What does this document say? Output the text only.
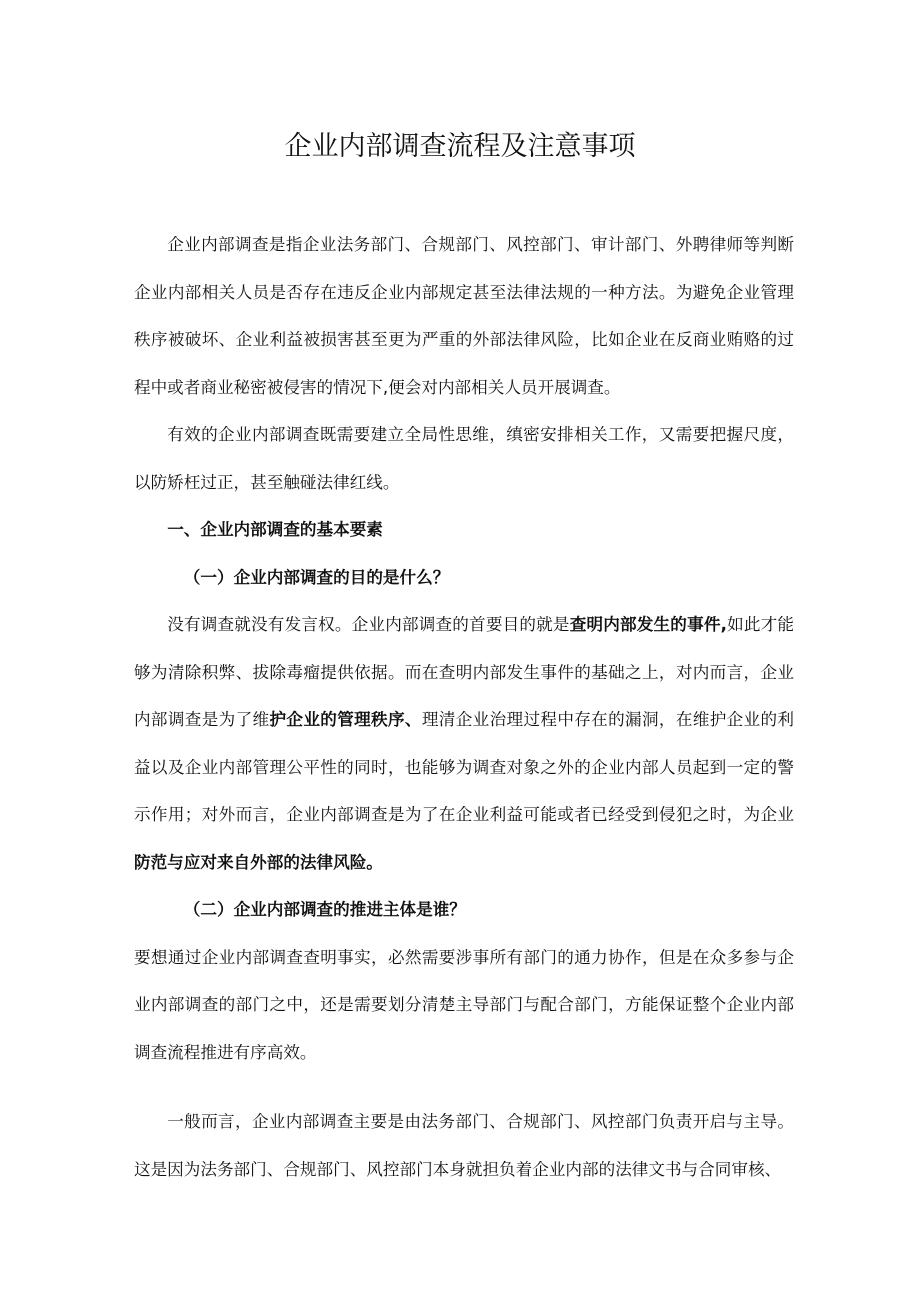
企业内部调查流程及注意事项

企业内部调查是指企业法务部门、合规部门、风控部门、审计部门、外聘律师等判断企业内部相关人员是否存在违反企业内部规定甚至法律法规的一种方法。为避免企业管理秩序被破坏、企业利益被损害甚至更为严重的外部法律风险，比如企业在反商业贿赂的过程中或者商业秘密被侵害的情况下,便会对内部相关人员开展调查。

有效的企业内部调查既需要建立全局性思维，缜密安排相关工作，又需要把握尺度，以防矫枉过正，甚至触碰法律红线。

一、企业内部调查的基本要素

（一）企业内部调查的目的是什么？

没有调查就没有发言权。企业内部调查的首要目的就是查明内部发生的事件,如此才能够为清除积弊、拔除毒瘤提供依据。而在查明内部发生事件的基础之上，对内而言，企业内部调查是为了维护企业的管理秩序、理清企业治理过程中存在的漏洞，在维护企业的利益以及企业内部管理公平性的同时，也能够为调查对象之外的企业内部人员起到一定的警示作用；对外而言，企业内部调查是为了在企业利益可能或者已经受到侵犯之时，为企业防范与应对来自外部的法律风险。

（二）企业内部调查的推进主体是谁？

要想通过企业内部调查查明事实，必然需要涉事所有部门的通力协作，但是在众多参与企业内部调查的部门之中，还是需要划分清楚主导部门与配合部门，方能保证整个企业内部调查流程推进有序高效。

一般而言，企业内部调查主要是由法务部门、合规部门、风控部门负责开启与主导。这是因为法务部门、合规部门、风控部门本身就担负着企业内部的法律文书与合同审核、
